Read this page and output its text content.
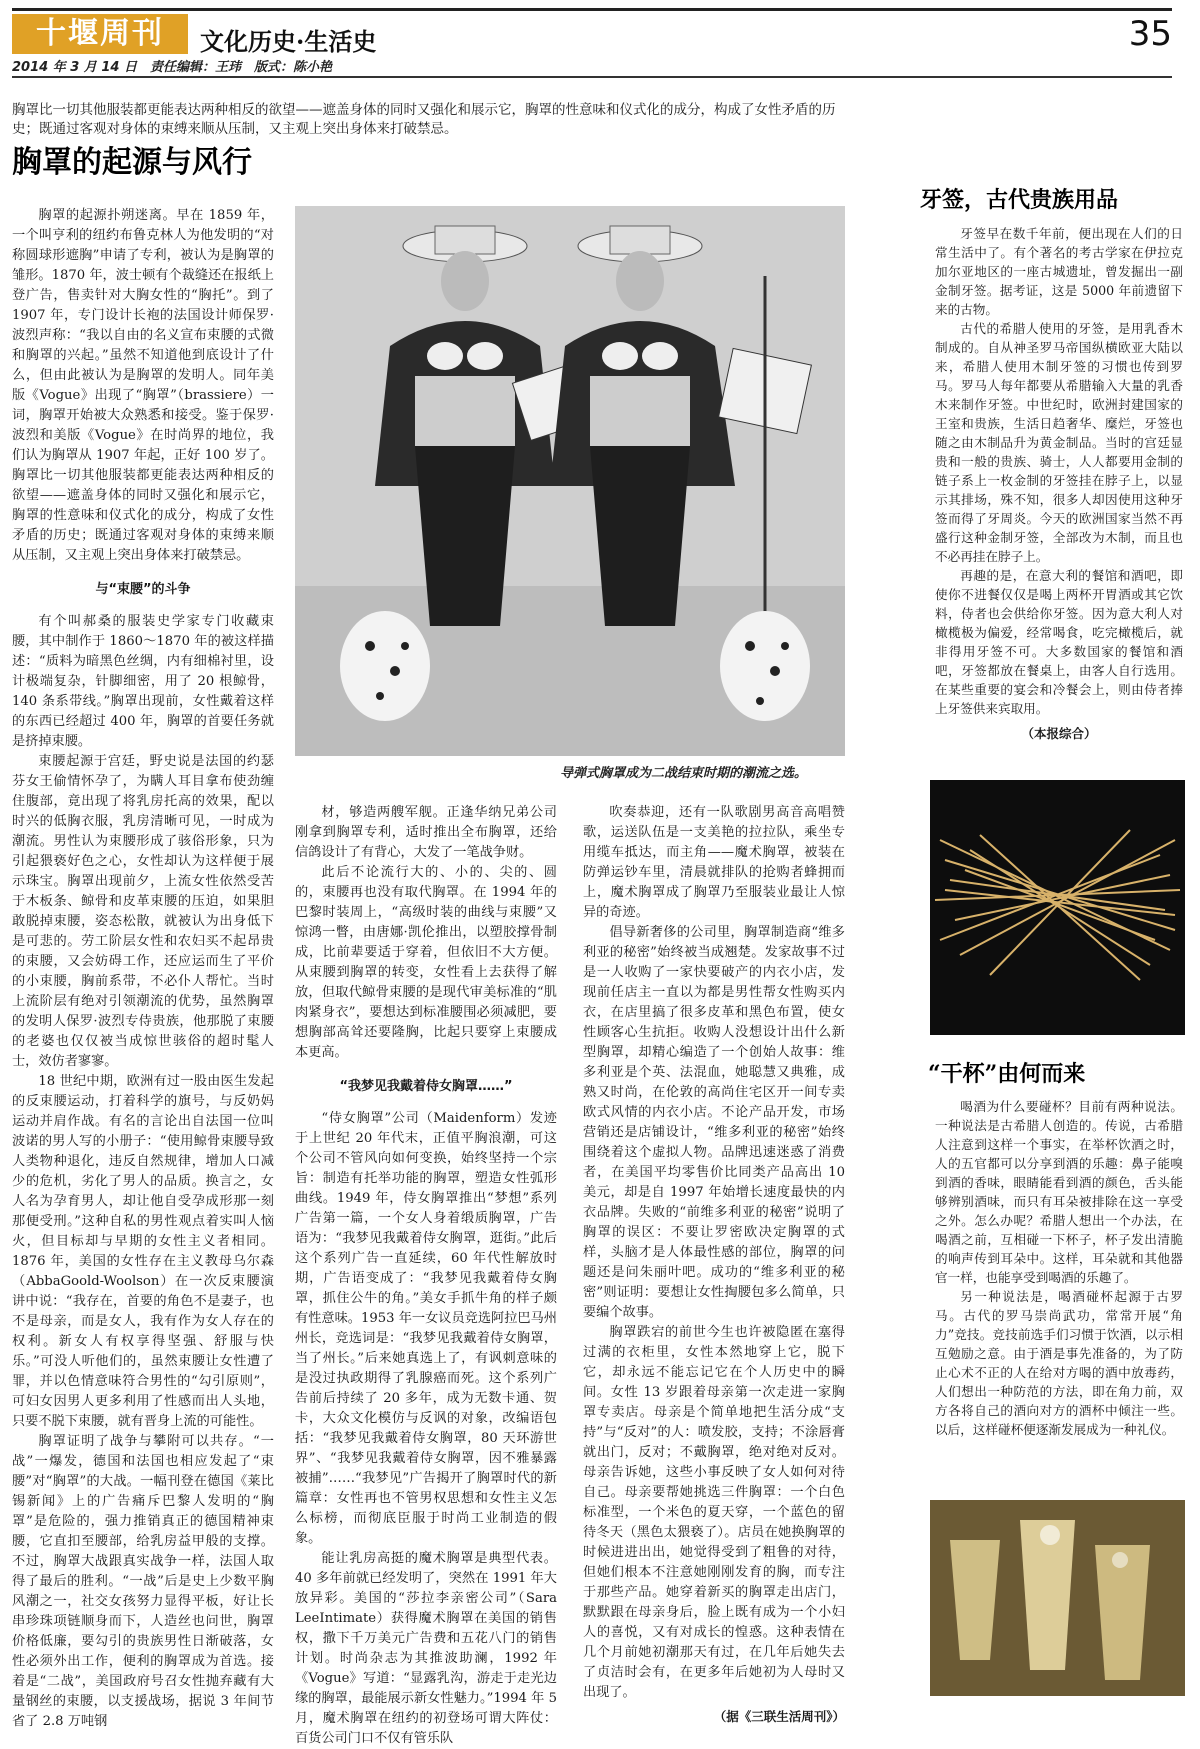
十堰周刊	文化历史·生活史	35
2014 年 3 月 14 日　责任编辑：王玮　版式：陈小艳
胸罩比一切其他服装都更能表达两种相反的欲望——遮盖身体的同时又强化和展示它，胸罩的性意味和仪式化的成分，构成了女性矛盾的历史；既通过客观对身体的束缚来顺从压制，又主观上突出身体来打破禁忌。
胸罩的起源与风行

胸罩的起源扑朔迷离。早在 1859 年，一个叫亨利的纽约布鲁克林人为他发明的“对称圆球形遮胸”申请了专利，被认为是胸罩的雏形。1870 年，波士顿有个裁缝还在报纸上登广告，售卖针对大胸女性的“胸托”。到了 1907 年，专门设计长袍的法国设计师保罗·波烈声称：“我以自由的名义宣布束腰的式微和胸罩的兴起。”虽然不知道他到底设计了什么，但由此被认为是胸罩的发明人。同年美版《Vogue》出现了“胸罩”（brassiere）一词，胸罩开始被大众熟悉和接受。鉴于保罗·波烈和美版《Vogue》在时尚界的地位，我们认为胸罩从 1907 年起，正好 100 岁了。胸罩比一切其他服装都更能表达两种相反的欲望——遮盖身体的同时又强化和展示它，胸罩的性意味和仪式化的成分，构成了女性矛盾的历史；既通过客观对身体的束缚来顺从压制，又主观上突出身体来打破禁忌。

与“束腰”的斗争

有个叫郝桑的服装史学家专门收藏束腰，其中制作于 1860～1870 年的被这样描述：“质料为暗黑色丝绸，内有细棉衬里，设计极端复杂，针脚细密，用了 20 根鲸骨，140 条系带线。”胸罩出现前，女性戴着这样的东西已经超过 400 年，胸罩的首要任务就是挤掉束腰。

束腰起源于宫廷，野史说是法国的约瑟芬女王偷情怀孕了，为瞒人耳目拿布使劲缠住腹部，竟出现了将乳房托高的效果，配以时兴的低胸衣服，乳房清晰可见，一时成为潮流。男性认为束腰形成了骇俗形象，只为引起猥亵好色之心，女性却认为这样便于展示珠宝。胸罩出现前夕，上流女性依然受苦于木板条、鲸骨和皮革束腰的压迫，如果胆敢脱掉束腰，姿态松散，就被认为出身低下是可悲的。劳工阶层女性和农妇买不起昂贵的束腰，又会妨碍工作，还应运而生了平价的小束腰，胸前系带，不必仆人帮忙。当时上流阶层有绝对引领潮流的优势，虽然胸罩的发明人保罗·波烈专侍贵族，他那脱了束腰的老婆也仅仅被当成惊世骇俗的超时髦人士，效仿者寥寥。

18 世纪中期，欧洲有过一股由医生发起的反束腰运动，打着科学的旗号，与反奶妈运动并肩作战。有名的言论出自法国一位叫波诺的男人写的小册子：“使用鲸骨束腰导致人类物种退化，违反自然规律，增加人口减少的危机，劣化了男人的品质。换言之，女人名为孕育男人，却让他自受孕成形那一刻那便受刑。”这种自私的男性观点着实叫人恼火，但目标却与早期的女性主义者相同。1876 年，美国的女性存在主义教母乌尔森（AbbaGoold-Woolson）在一次反束腰演讲中说：“我存在，首要的角色不是妻子，也不是母亲，而是女人，我有作为女人存在的权利。新女人有权享得坚强、舒服与快乐。”可没人听他们的，虽然束腰让女性遭了罪，并以色情意味符合男性的“勾引原则”，可妇女因男人更多利用了性感而出人头地，只要不脱下束腰，就有晋身上流的可能性。

胸罩证明了战争与攀附可以共存。“一战”一爆发，德国和法国也相应发起了“束腰”对“胸罩”的大战。一幅刊登在德国《莱比锡新闻》上的广告痛斥巴黎人发明的“胸罩”是危险的，强力推销真正的德国精神束腰，它直扣至腰部，给乳房益甲般的支撑。不过，胸罩大战跟真实战争一样，法国人取得了最后的胜利。“一战”后是史上少数平胸风潮之一，社交女孩努力显得平板，好让长串珍珠项链顺身而下，人造丝也问世，胸罩价格低廉，要勾引的贵族男性日渐破落，女性必须外出工作，便利的胸罩成为首选。接着是“二战”，美国政府号召女性抛弃藏有大量钢丝的束腰，以支援战场，据说 3 年间节省了 2.8 万吨钢

导弹式胸罩成为二战结束时期的潮流之选。

材，够造两艘军舰。正逢华纳兄弟公司刚拿到胸罩专利，适时推出全布胸罩，还给信鸽设计了有背心，大发了一笔战争财。

此后不论流行大的、小的、尖的、圆的，束腰再也没有取代胸罩。在 1994 年的巴黎时装周上，“高级时装的曲线与束腰”又惊鸿一瞥，由唐娜·凯伦推出，以塑胶撑骨制成，比前辈要适于穿着，但依旧不大方便。从束腰到胸罩的转变，女性看上去获得了解放，但取代鲸骨束腰的是现代审美标准的“肌肉紧身衣”，要想达到标准腰围必须减肥，要想胸部高耸还要隆胸，比起只要穿上束腰成本更高。

“我梦见我戴着侍女胸罩……”

“侍女胸罩”公司（Maidenform）发迹于上世纪 20 年代末，正值平胸浪潮，可这个公司不管风向如何变换，始终坚持一个宗旨：制造有托举功能的胸罩，塑造女性弧形曲线。1949 年，侍女胸罩推出“梦想”系列广告第一篇，一个女人身着缎质胸罩，广告语为：“我梦见我戴着侍女胸罩，逛街。”此后这个系列广告一直延续，60 年代性解放时期，广告语变成了：“我梦见我戴着侍女胸罩，抓住公牛的角。”美女手抓牛角的样子颇有性意味。1953 年一女议员竞选阿拉巴马州州长，竞选词是：“我梦见我戴着侍女胸罩，当了州长。”后来她真选上了，有讽刺意味的是没过执政期得了乳腺癌而死。这个系列广告前后持续了 20 多年，成为无数卡通、贺卡，大众文化模仿与反讽的对象，改编语包括：“我梦见我戴着侍女胸罩，80 天环游世界”、“我梦见我戴着侍女胸罩，因不雅暴露被捕”……“我梦见”广告揭开了胸罩时代的新篇章：女性再也不管男权思想和女性主义怎么标榜，而彻底臣服于时尚工业制造的假象。

能让乳房高挺的魔术胸罩是典型代表。40 多年前就已经发明了，突然在 1991 年大放异彩。美国的“莎拉李亲密公司”（Sara LeeIntimate）获得魔术胸罩在美国的销售权，撒下千万美元广告费和五花八门的销售计划。时尚杂志为其推波助澜，1992 年《Vogue》写道：“显露乳沟，游走于走光边缘的胸罩，最能展示新女性魅力。”1994 年 5 月，魔术胸罩在纽约的初登场可谓大阵仗：百货公司门口不仅有管乐队

吹奏恭迎，还有一队歌剧男高音高唱赞歌，运送队伍是一支美艳的拉拉队，乘坐专用缆车抵达，而主角——魔术胸罩，被装在防弹运钞车里，清晨就排队的抢购者蜂拥而上，魔术胸罩成了胸罩乃至服装业最让人惊异的奇迹。

倡导新奢侈的公司里，胸罩制造商“维多利亚的秘密”始终被当成翘楚。发家故事不过是一人收购了一家快要破产的内衣小店，发现前任店主一直以为都是男性帮女性购买内衣，在店里搞了很多皮革和黑色布置，使女性顾客心生抗拒。收购人没想设计出什么新型胸罩，却精心编造了一个创始人故事：维多利亚是个英、法混血，她聪慧又典雅，成熟又时尚，在伦敦的高尚住宅区开一间专卖欧式风情的内衣小店。不论产品开发，市场营销还是店铺设计，“维多利亚的秘密”始终围绕着这个虚拟人物。品牌迅速迷惑了消费者，在美国平均零售价比同类产品高出 10 美元，却是自 1997 年始增长速度最快的内衣品牌。失败的“前维多利亚的秘密”说明了胸罩的误区：不要让罗密欧决定胸罩的式样，头脑才是人体最性感的部位，胸罩的问题还是问朱丽叶吧。成功的“维多利亚的秘密”则证明：要想让女性掏腰包多么简单，只要编个故事。

胸罩跌宕的前世今生也许被隐匿在塞得过满的衣柜里，女性本然地穿上它，脱下它，却永远不能忘记它在个人历史中的瞬间。女性 13 岁跟着母亲第一次走进一家胸罩专卖店。母亲是个简单地把生活分成“支持”与“反对”的人：喷发胶，支持；不涂唇膏就出门，反对；不戴胸罩，绝对绝对反对。母亲告诉她，这些小事反映了女人如何对待自己。母亲要帮她挑选三件胸罩：一个白色标准型，一个米色的夏天穿，一个蓝色的留待冬天（黑色太猥亵了）。店员在她换胸罩的时候进进出出，她觉得受到了粗鲁的对待，但她们根本不注意她刚刚发育的胸，而专注于那些产品。她穿着新买的胸罩走出店门，默默跟在母亲身后，脸上既有成为一个小妇人的喜悦，又有对成长的惶惑。这种表情在几个月前她初潮那天有过，在几年后她失去了贞洁时会有，在更多年后她初为人母时又出现了。

（据《三联生活周刊》）
牙签，古代贵族用品

牙签早在数千年前，便出现在人们的日常生活中了。有个著名的考古学家在伊拉克加尔亚地区的一座古城遗址，曾发掘出一副金制牙签。据考证，这是 5000 年前遗留下来的古物。

古代的希腊人使用的牙签，是用乳香木制成的。自从神圣罗马帝国纵横欧亚大陆以来，希腊人使用木制牙签的习惯也传到罗马。罗马人每年都要从希腊输入大量的乳香木来制作牙签。中世纪时，欧洲封建国家的王室和贵族，生活日趋奢华、糜烂，牙签也随之由木制品升为黄金制品。当时的宫廷显贵和一般的贵族、骑士，人人都要用金制的链子系上一枚金制的牙签挂在脖子上，以显示其排场，殊不知，很多人却因使用这种牙签而得了牙周炎。今天的欧洲国家当然不再盛行这种金制牙签，全部改为木制，而且也不必再挂在脖子上。

再趣的是，在意大利的餐馆和酒吧，即使你不进餐仅仅是喝上两杯开胃酒或其它饮料，侍者也会供给你牙签。因为意大利人对橄榄极为偏爱，经常喝食，吃完橄榄后，就非得用牙签不可。大多数国家的餐馆和酒吧，牙签都放在餐桌上，由客人自行选用。在某些重要的宴会和冷餐会上，则由侍者捧上牙签供来宾取用。

（本报综合）
“干杯”由何而来

喝酒为什么要碰杯？目前有两种说法。一种说法是古希腊人创造的。传说，古希腊人注意到这样一个事实，在举杯饮酒之时，人的五官都可以分享到酒的乐趣：鼻子能嗅到酒的香味，眼睛能看到酒的颜色，舌头能够辨别酒味，而只有耳朵被排除在这一享受之外。怎么办呢？希腊人想出一个办法，在喝酒之前，互相碰一下杯子，杯子发出清脆的响声传到耳朵中。这样，耳朵就和其他器官一样，也能享受到喝酒的乐趣了。

另一种说法是，喝酒碰杯起源于古罗马。古代的罗马崇尚武功，常常开展“角力”竞技。竞技前选手们习惯于饮酒，以示相互勉励之意。由于酒是事先准备的，为了防止心术不正的人在给对方喝的酒中放毒药，人们想出一种防范的方法，即在角力前，双方各将自己的酒向对方的酒杯中倾注一些。以后，这样碰杯便逐渐发展成为一种礼仪。
